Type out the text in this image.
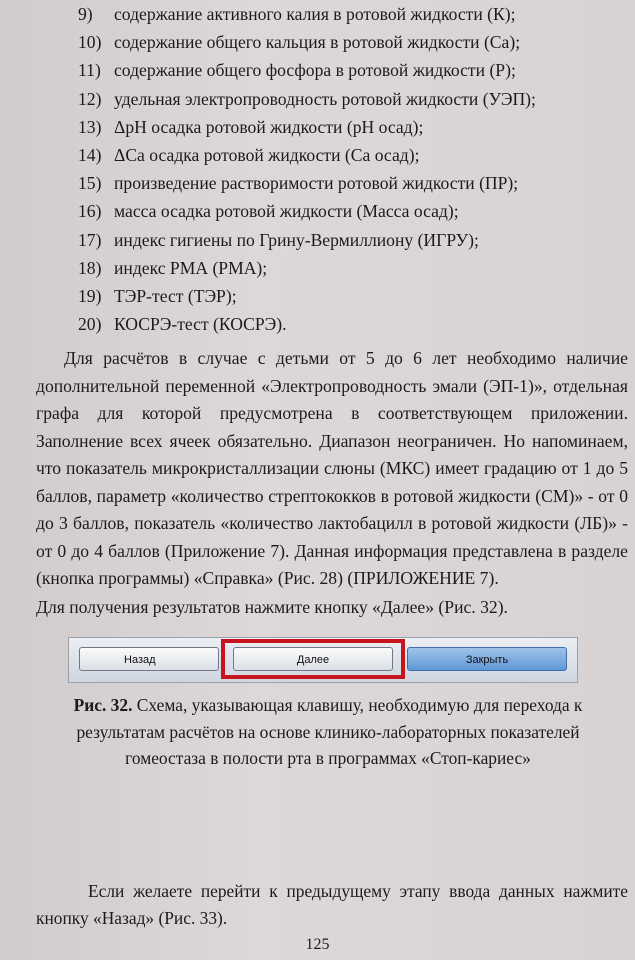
9)	содержание активного калия в ротовой жидкости (К);
10) содержание общего кальция в ротовой жидкости (Са);
11) содержание общего фосфора в ротовой жидкости (Р);
12) удельная электропроводность ротовой жидкости (УЭП);
13) ΔрН осадка ротовой жидкости (рН осад);
14) ΔСа осадка ротовой жидкости (Са осад);
15) произведение растворимости ротовой жидкости (ПР);
16) масса осадка ротовой жидкости (Масса осад);
17) индекс гигиены по Грину-Вермиллиону (ИГРУ);
18) индекс РМА (РМА);
19) ТЭР-тест (ТЭР);
20) КОСРЭ-тест (КОСРЭ).
Для расчётов в случае с детьми от 5 до 6 лет необходимо наличие дополнительной переменной «Электропроводность эмали (ЭП-1)», отдельная графа для которой предусмотрена в соответствующем приложении. Заполнение всех ячеек обязательно. Диапазон неограничен. Но напоминаем, что показатель микрокристаллизации слюны (МКС) имеет градацию от 1 до 5 баллов, параметр «количество стрептококков в ротовой жидкости (СМ)» - от 0 до 3 баллов, показатель «количество лактобацилл в ротовой жидкости (ЛБ)» - от 0 до 4 баллов (Приложение 7). Данная информация представлена в разделе (кнопка программы) «Справка» (Рис. 28) (ПРИЛОЖЕНИЕ 7).
Для получения результатов нажмите кнопку «Далее» (Рис. 32).
Назад	Далее	Закрыть
Рис. 32. Схема, указывающая клавишу, необходимую для перехода к результатам расчётов на основе клинико-лабораторных показателей гомеостаза в полости рта в программах «Стоп-кариес»
Если желаете перейти к предыдущему этапу ввода данных нажмите кнопку «Назад» (Рис. 33).
125
